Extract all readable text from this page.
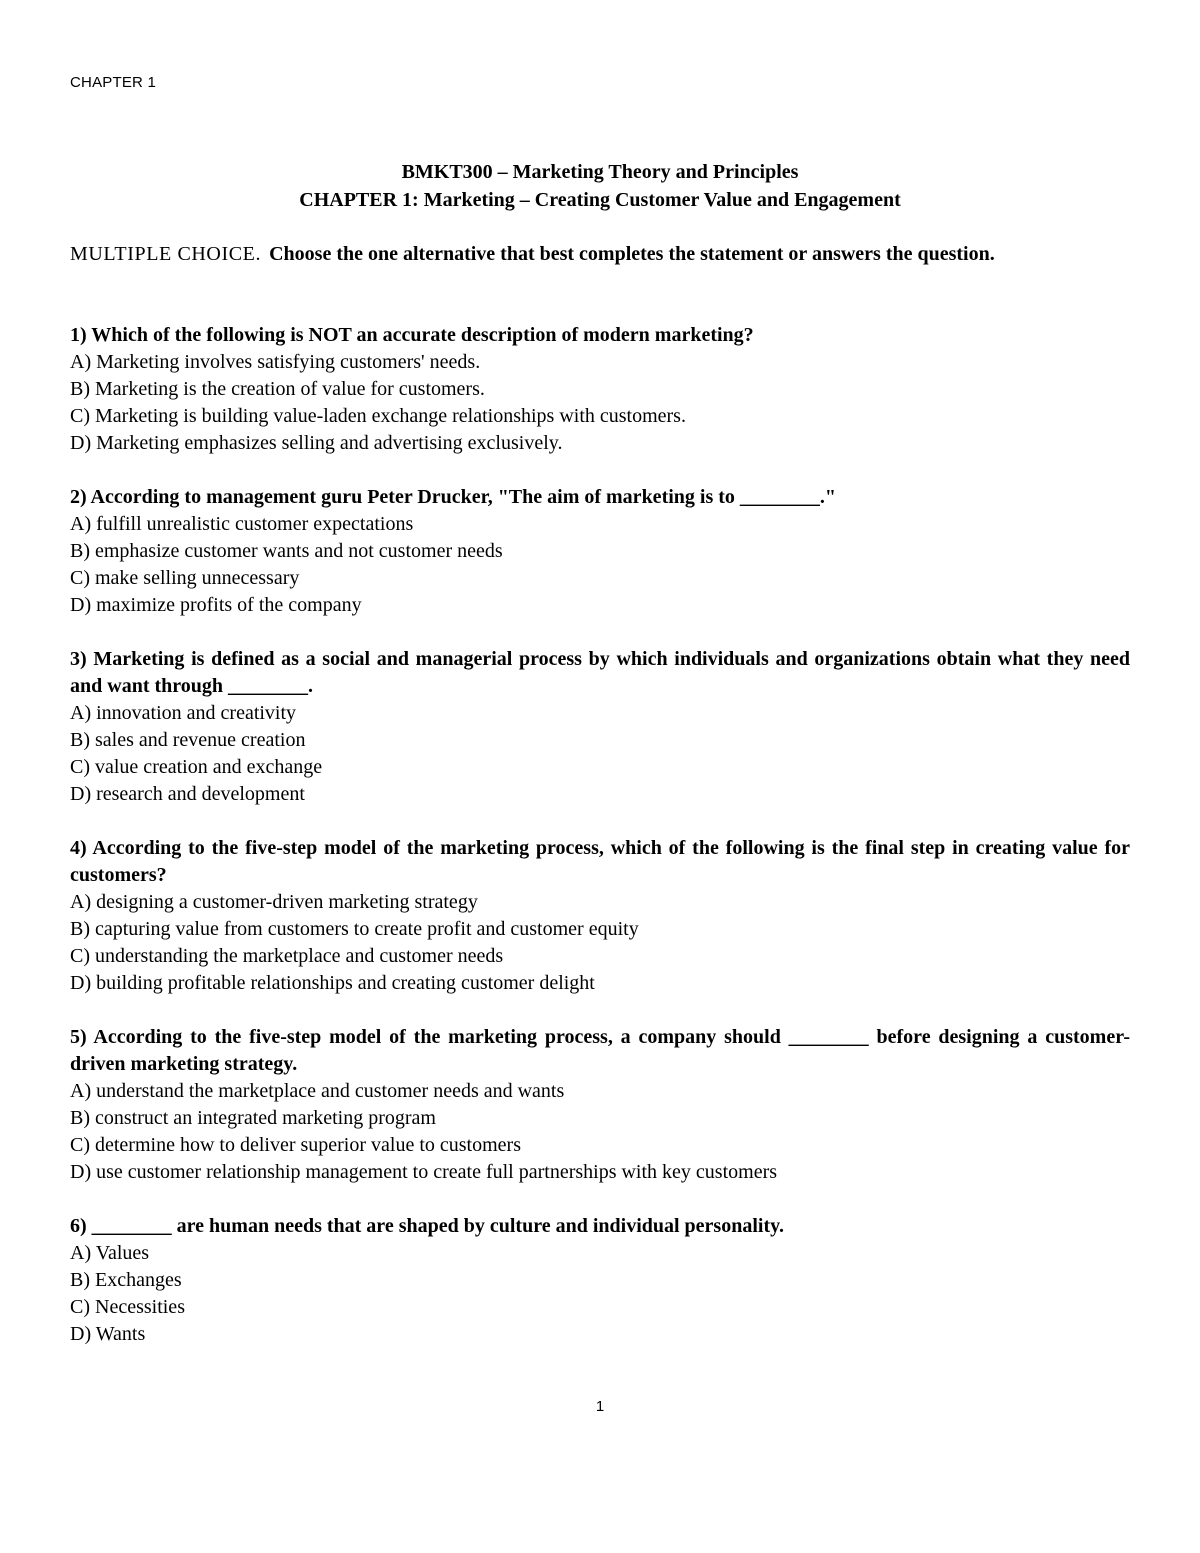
CHAPTER 1
BMKT300 – Marketing Theory and Principles
CHAPTER 1: Marketing – Creating Customer Value and Engagement
MULTIPLE CHOICE. Choose the one alternative that best completes the statement or answers the question.
1) Which of the following is NOT an accurate description of modern marketing?
A) Marketing involves satisfying customers' needs.
B) Marketing is the creation of value for customers.
C) Marketing is building value-laden exchange relationships with customers.
D) Marketing emphasizes selling and advertising exclusively.
2) According to management guru Peter Drucker, "The aim of marketing is to ________."
A) fulfill unrealistic customer expectations
B) emphasize customer wants and not customer needs
C) make selling unnecessary
D) maximize profits of the company
3) Marketing is defined as a social and managerial process by which individuals and organizations obtain what they need and want through ________.
A) innovation and creativity
B) sales and revenue creation
C) value creation and exchange
D) research and development
4) According to the five-step model of the marketing process, which of the following is the final step in creating value for customers?
A) designing a customer-driven marketing strategy
B) capturing value from customers to create profit and customer equity
C) understanding the marketplace and customer needs
D) building profitable relationships and creating customer delight
5) According to the five-step model of the marketing process, a company should ________ before designing a customer-driven marketing strategy.
A) understand the marketplace and customer needs and wants
B) construct an integrated marketing program
C) determine how to deliver superior value to customers
D) use customer relationship management to create full partnerships with key customers
6) ________ are human needs that are shaped by culture and individual personality.
A) Values
B) Exchanges
C) Necessities
D) Wants
1
